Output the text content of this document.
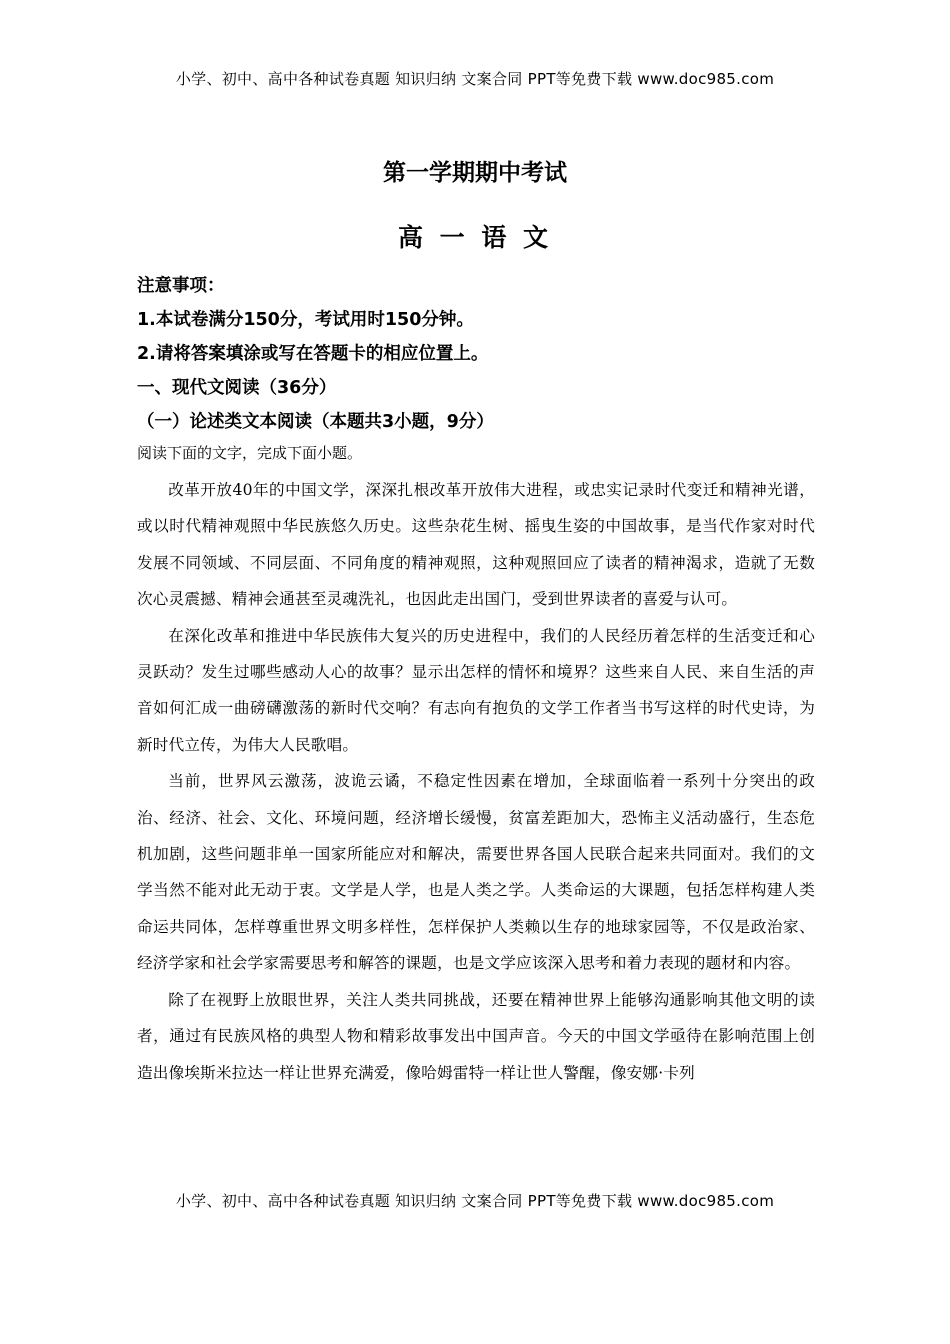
小学、初中、高中各种试卷真题 知识归纳 文案合同 PPT等免费下载 www.doc985.com
第一学期期中考试
高 一 语 文
注意事项：
1.本试卷满分150分，考试用时150分钟。
2.请将答案填涂或写在答题卡的相应位置上。
一、现代文阅读（36分）
（一）论述类文本阅读（本题共3小题，9分）
阅读下面的文字，完成下面小题。

改革开放40年的中国文学，深深扎根改革开放伟大进程，或忠实记录时代变迁和精神光谱，或以时代精神观照中华民族悠久历史。这些杂花生树、摇曳生姿的中国故事，是当代作家对时代发展不同领域、不同层面、不同角度的精神观照，这种观照回应了读者的精神渴求，造就了无数次心灵震撼、精神会通甚至灵魂洗礼，也因此走出国门，受到世界读者的喜爱与认可。

在深化改革和推进中华民族伟大复兴的历史进程中，我们的人民经历着怎样的生活变迁和心灵跃动？发生过哪些感动人心的故事？显示出怎样的情怀和境界？这些来自人民、来自生活的声音如何汇成一曲磅礴激荡的新时代交响？有志向有抱负的文学工作者当书写这样的时代史诗，为新时代立传，为伟大人民歌唱。

当前，世界风云激荡，波诡云谲，不稳定性因素在增加，全球面临着一系列十分突出的政治、经济、社会、文化、环境问题，经济增长缓慢，贫富差距加大，恐怖主义活动盛行，生态危机加剧，这些问题非单一国家所能应对和解决，需要世界各国人民联合起来共同面对。我们的文学当然不能对此无动于衷。文学是人学，也是人类之学。人类命运的大课题，包括怎样构建人类命运共同体，怎样尊重世界文明多样性，怎样保护人类赖以生存的地球家园等，不仅是政治家、经济学家和社会学家需要思考和解答的课题，也是文学应该深入思考和着力表现的题材和内容。

除了在视野上放眼世界，关注人类共同挑战，还要在精神世界上能够沟通影响其他文明的读者，通过有民族风格的典型人物和精彩故事发出中国声音。今天的中国文学亟待在影响范围上创造出像埃斯米拉达一样让世界充满爱，像哈姆雷特一样让世人警醒，像安娜·卡列

小学、初中、高中各种试卷真题 知识归纳 文案合同 PPT等免费下载 www.doc985.com
